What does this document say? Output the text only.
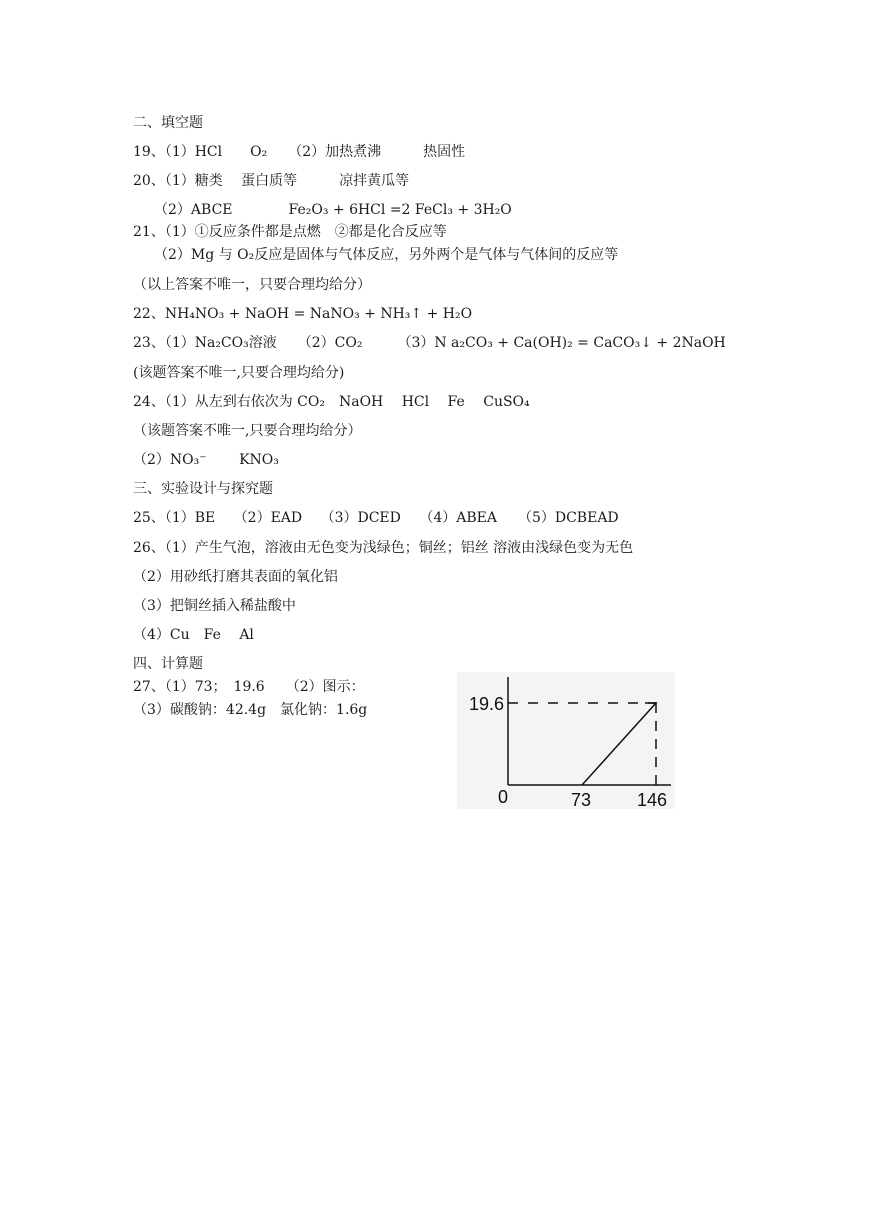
二、填空题
19、（1）HCl　　O₂　　（2）加热煮沸　　　热固性
20、（1）糖类　 蛋白质等　　　凉拌黄瓜等
　　（2）ABCE　　　　Fe₂O₃ + 6HCl =2 FeCl₃ + 3H₂O
21、（1）①反应条件都是点燃　②都是化合反应等
　　（2）Mg 与 O₂反应是固体与气体反应，另外两个是气体与气体间的反应等
（以上答案不唯一，只要合理均给分）
22、NH₄NO₃ + NaOH = NaNO₃ + NH₃↑ + H₂O
23、（1）Na₂CO₃溶液　　（2）CO₂　　　（3）N a₂CO₃ + Ca(OH)₂ = CaCO₃↓ + 2NaOH
(该题答案不唯一,只要合理均给分)
24、（1）从左到右依次为 CO₂　NaOH　 HCl　 Fe　 CuSO₄
（该题答案不唯一,只要合理均给分）
（2）NO₃⁻　　 KNO₃
三、实验设计与探究题
25、（1）BE　 （2）EAD　 （3）DCED　 （4）ABEA　　（5）DCBEAD
26、（1）产生气泡，溶液由无色变为浅绿色；铜丝；铝丝 溶液由浅绿色变为无色
（2）用砂纸打磨其表面的氧化铝
（3）把铜丝插入稀盐酸中
（4）Cu　Fe　 Al
四、计算题
27、（1）73；　19.6　　（2）图示：
（3）碳酸钠：42.4g　氯化钠：1.6g	19.6
0	73	146
